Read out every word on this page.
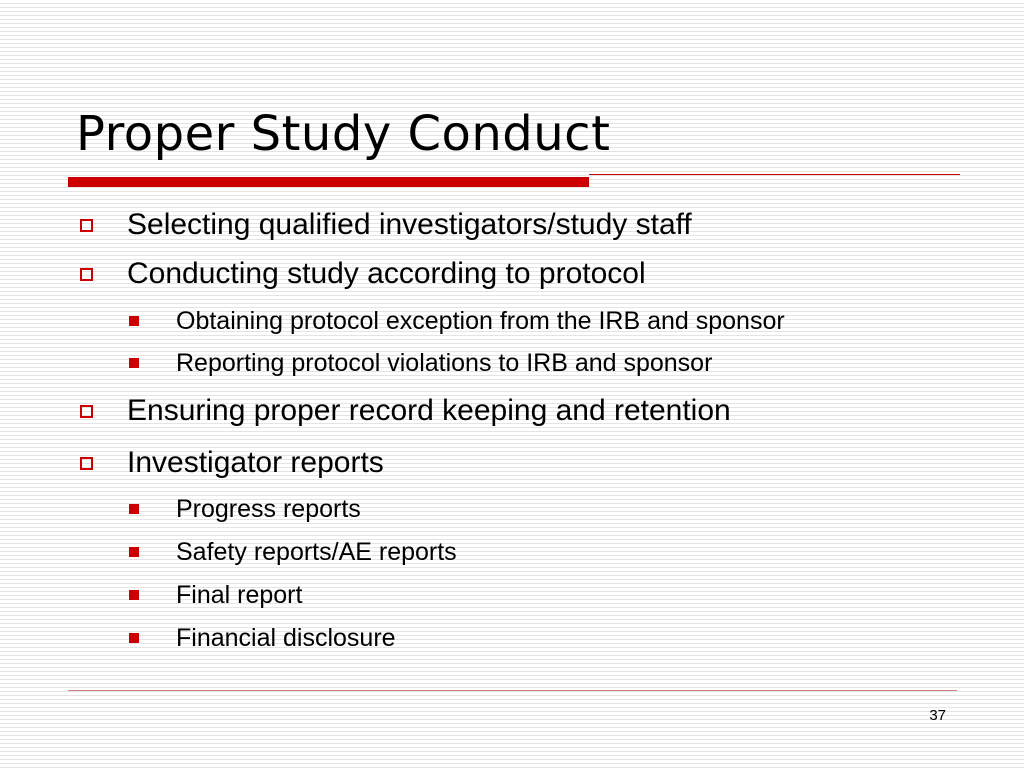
Proper Study Conduct
Selecting qualified investigators/study staff
Conducting study according to protocol
Obtaining protocol exception from the IRB and sponsor
Reporting protocol violations to IRB and sponsor
Ensuring proper record keeping and retention
Investigator reports
Progress reports
Safety reports/AE reports
Final report
Financial disclosure
37
